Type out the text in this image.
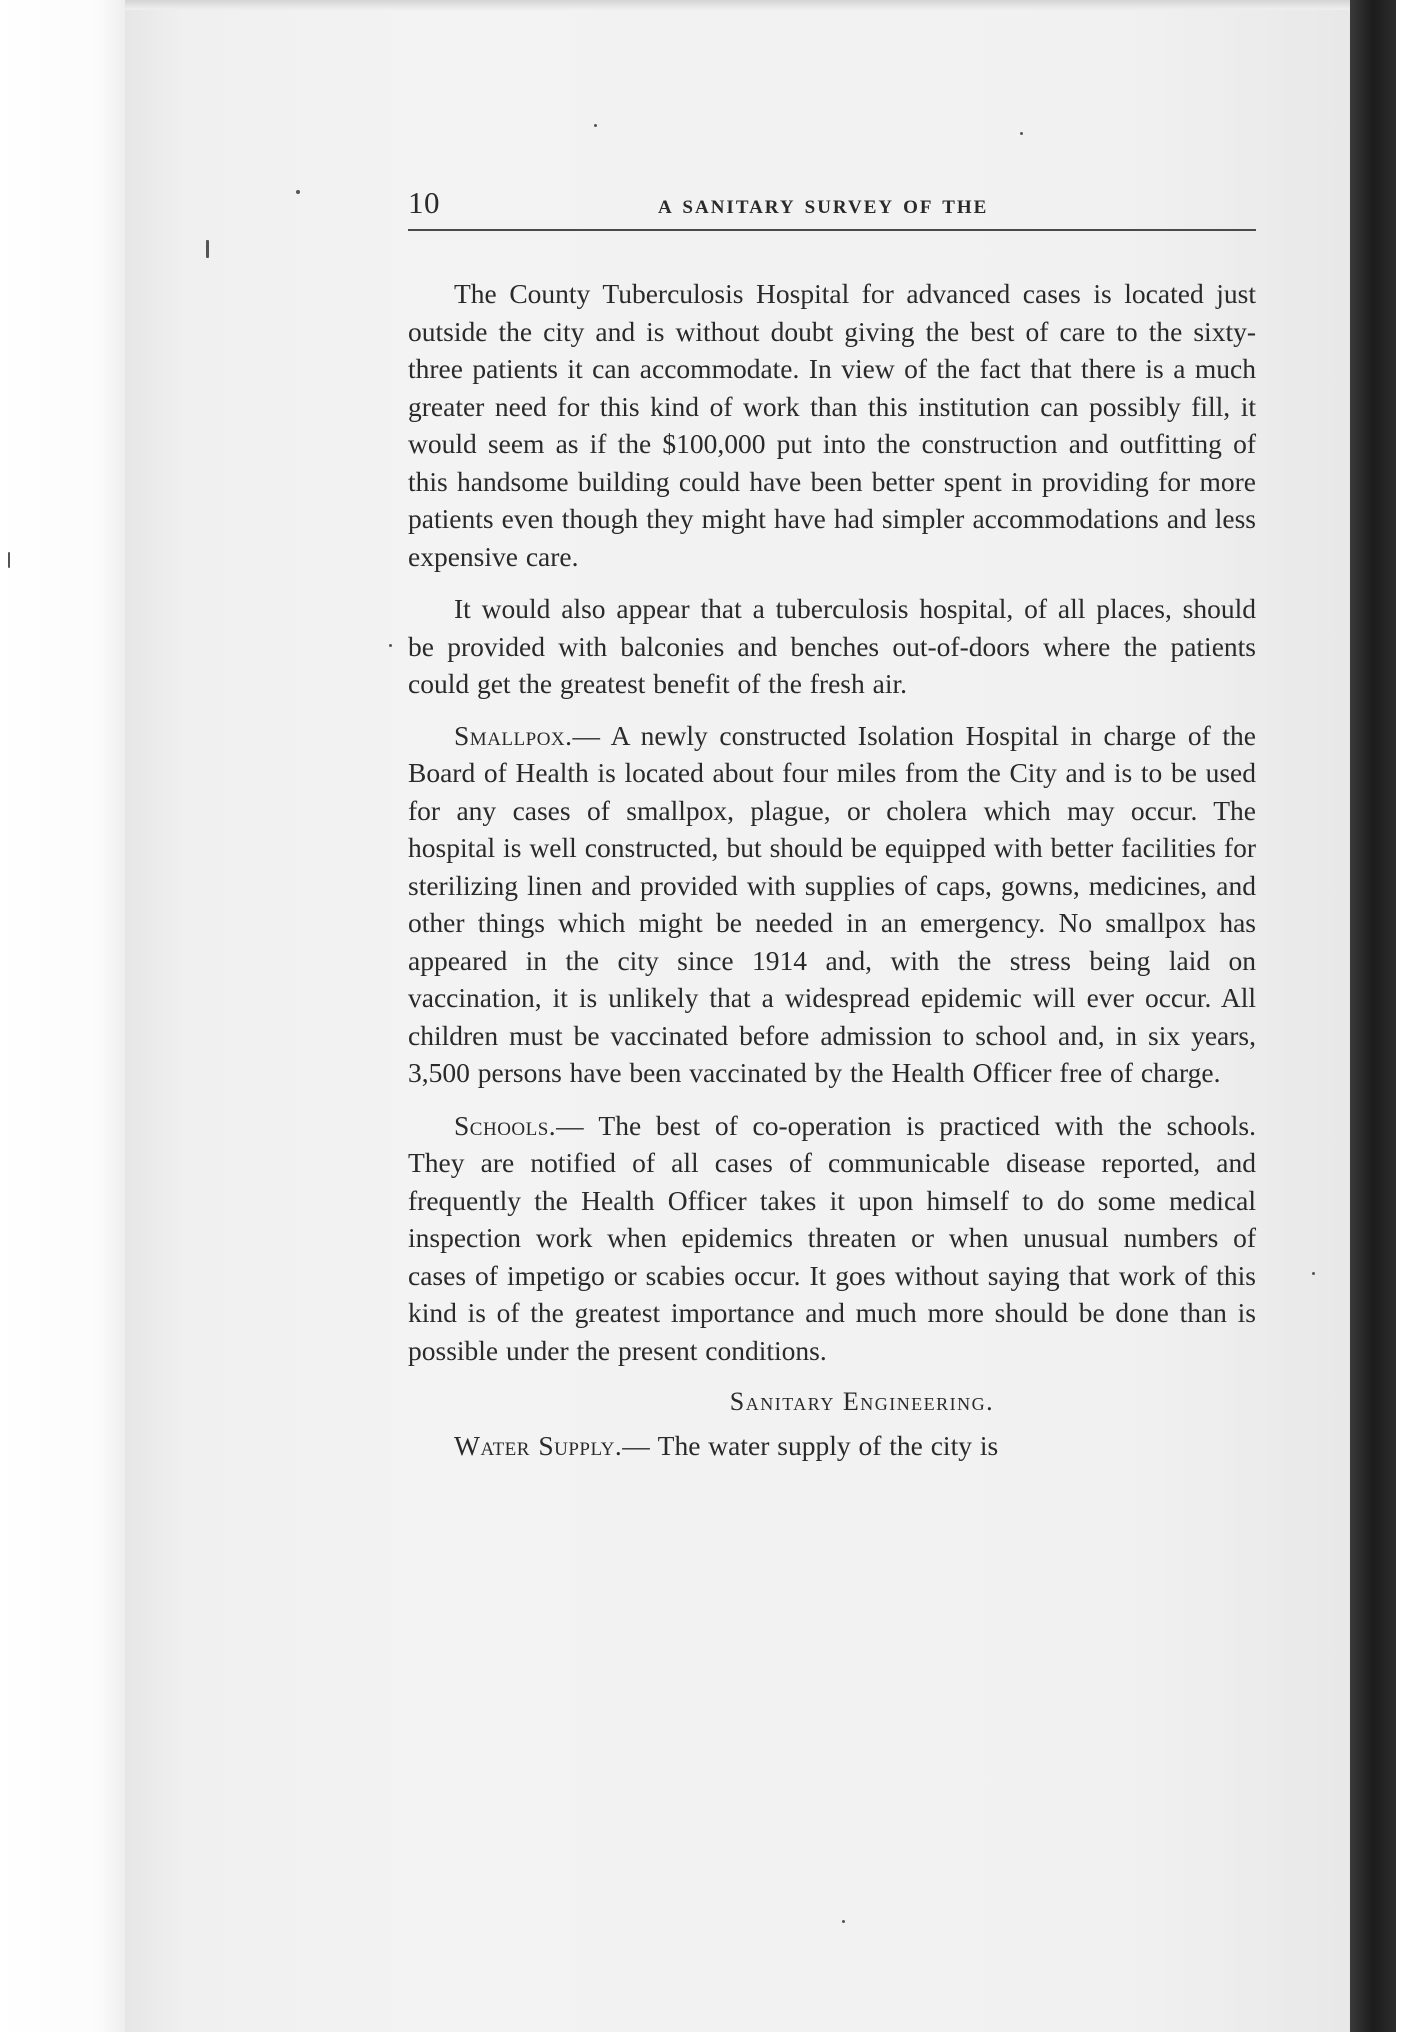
10	A SANITARY SURVEY OF THE

The County Tuberculosis Hospital for advanced cases is located just outside the city and is without doubt giving the best of care to the sixty-three patients it can accommodate. In view of the fact that there is a much greater need for this kind of work than this institution can possibly fill, it would seem as if the $100,000 put into the construction and outfitting of this handsome building could have been better spent in providing for more patients even though they might have had simpler accommodations and less expensive care.

It would also appear that a tuberculosis hospital, of all places, should be provided with balconies and benches out-of-doors where the patients could get the greatest benefit of the fresh air.

Smallpox.— A newly constructed Isolation Hospital in charge of the Board of Health is located about four miles from the City and is to be used for any cases of smallpox, plague, or cholera which may occur. The hospital is well constructed, but should be equipped with better facilities for sterilizing linen and provided with supplies of caps, gowns, medicines, and other things which might be needed in an emergency. No smallpox has appeared in the city since 1914 and, with the stress being laid on vaccination, it is unlikely that a widespread epidemic will ever occur. All children must be vaccinated before admission to school and, in six years, 3,500 persons have been vaccinated by the Health Officer free of charge.

Schools.— The best of co-operation is practiced with the schools. They are notified of all cases of communicable disease reported, and frequently the Health Officer takes it upon himself to do some medical inspection work when epidemics threaten or when unusual numbers of cases of impetigo or scabies occur. It goes without saying that work of this kind is of the greatest importance and much more should be done than is possible under the present conditions.

Sanitary Engineering.

Water Supply.— The water supply of the city is
